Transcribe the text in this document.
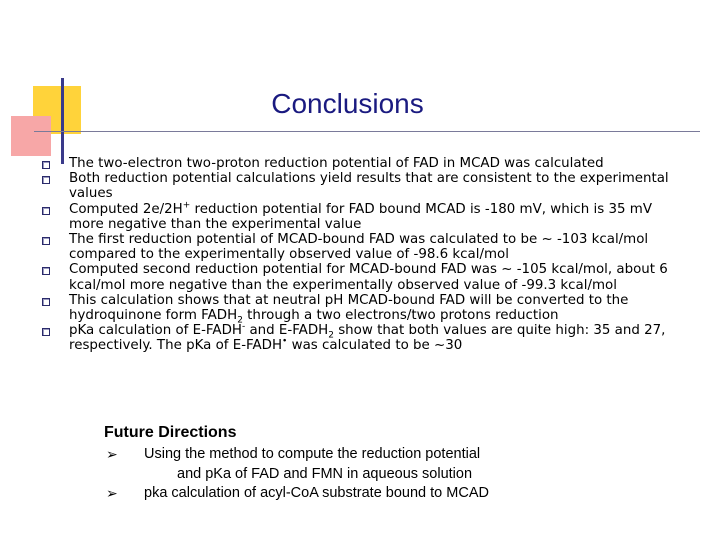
Conclusions
The two-electron two-proton reduction potential of FAD in MCAD was calculated
Both reduction potential calculations yield results that are consistent to the experimental values
Computed 2e/2H+ reduction potential for FAD bound MCAD is -180 mV, which is 35 mV more negative than the experimental value
The first reduction potential of MCAD-bound FAD was calculated to be ~ -103 kcal/mol compared to the experimentally observed value of -98.6 kcal/mol
Computed second reduction potential for MCAD-bound FAD was ~ -105 kcal/mol, about 6 kcal/mol more negative than the experimentally observed value of -99.3 kcal/mol
This calculation shows that at neutral pH MCAD-bound FAD will be converted to the hydroquinone form $FADH_2$ through a two electrons/two protons reduction
pKa calculation of E-FADH- and $E-FADH_2$ show that both values are quite high: 35 and 27, respectively. The pKa of E-FADH• was calculated to be ~30
Future Directions
➢ Using the method to compute the reduction potential
and pKa of FAD and FMN in aqueous solution
➢ pka calculation of acyl-CoA substrate bound to MCAD
